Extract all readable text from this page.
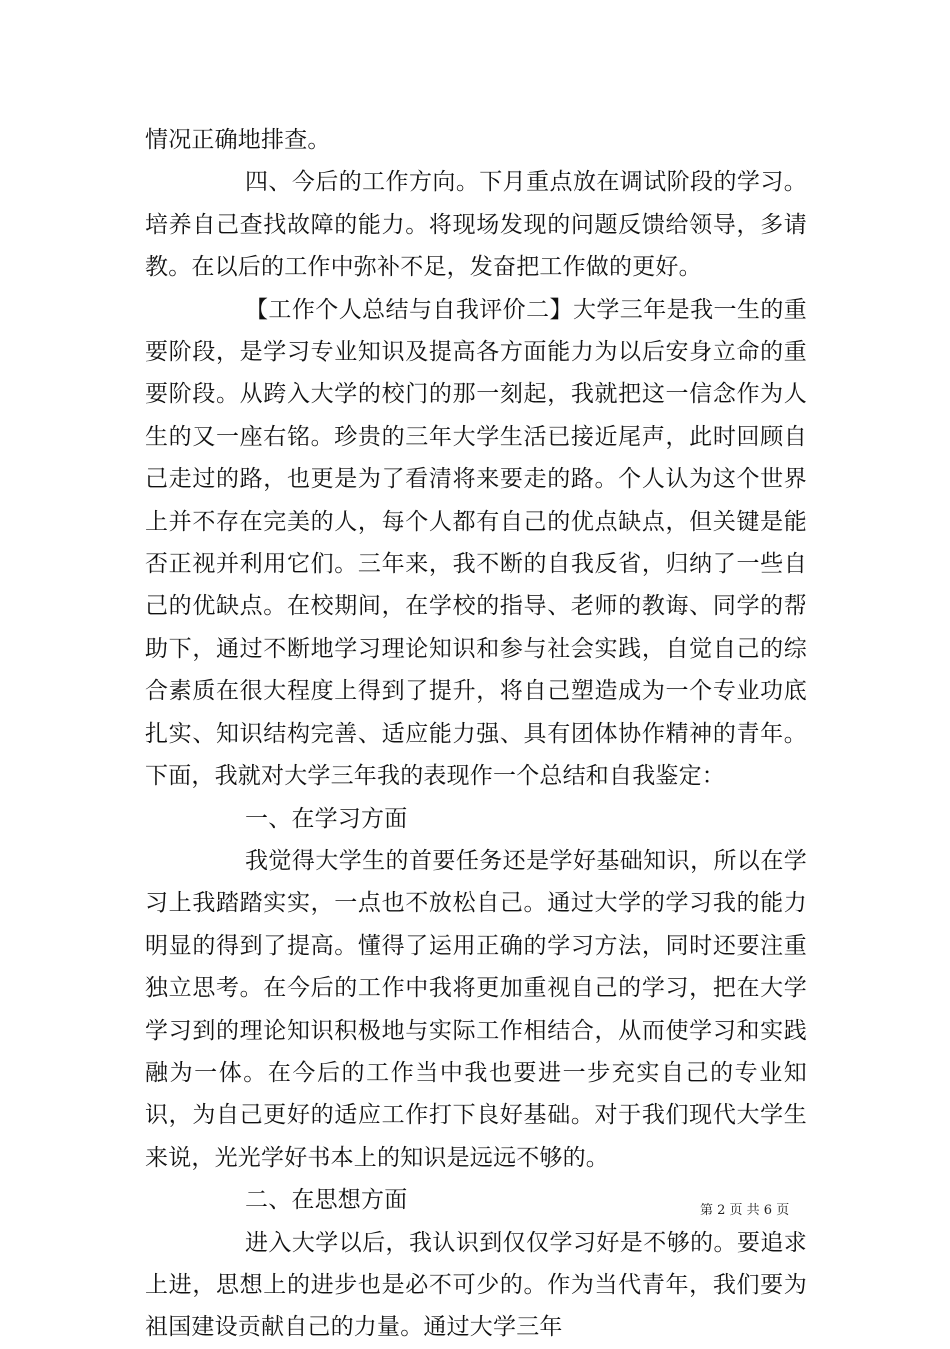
情况正确地排查。

四、今后的工作方向。下月重点放在调试阶段的学习。培养自己查找故障的能力。将现场发现的问题反馈给领导，多请教。在以后的工作中弥补不足，发奋把工作做的更好。

【工作个人总结与自我评价二】大学三年是我一生的重要阶段，是学习专业知识及提高各方面能力为以后安身立命的重要阶段。从跨入大学的校门的那一刻起，我就把这一信念作为人生的又一座右铭。珍贵的三年大学生活已接近尾声，此时回顾自己走过的路，也更是为了看清将来要走的路。个人认为这个世界上并不存在完美的人，每个人都有自己的优点缺点，但关键是能否正视并利用它们。三年来，我不断的自我反省，归纳了一些自己的优缺点。在校期间，在学校的指导、老师的教诲、同学的帮助下，通过不断地学习理论知识和参与社会实践，自觉自己的综合素质在很大程度上得到了提升，将自己塑造成为一个专业功底扎实、知识结构完善、适应能力强、具有团体协作精神的青年。下面，我就对大学三年我的表现作一个总结和自我鉴定：

一、在学习方面

我觉得大学生的首要任务还是学好基础知识，所以在学习上我踏踏实实，一点也不放松自己。通过大学的学习我的能力明显的得到了提高。懂得了运用正确的学习方法，同时还要注重独立思考。在今后的工作中我将更加重视自己的学习，把在大学学习到的理论知识积极地与实际工作相结合，从而使学习和实践融为一体。在今后的工作当中我也要进一步充实自己的专业知识，为自己更好的适应工作打下良好基础。对于我们现代大学生来说，光光学好书本上的知识是远远不够的。

二、在思想方面

进入大学以后，我认识到仅仅学习好是不够的。要追求上进，思想上的进步也是必不可少的。作为当代青年，我们要为祖国建设贡献自己的力量。通过大学三年

第 2 页 共 6 页
